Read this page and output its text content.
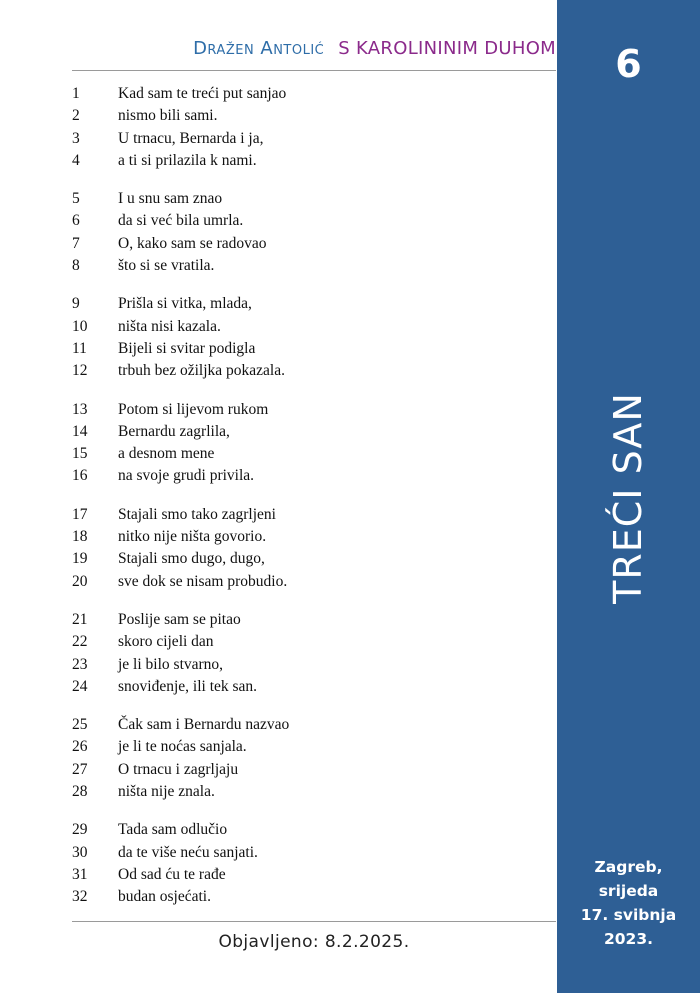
Dražen Antolić S KAROLININIM DUHOM
1	Kad sam te treći put sanjao
2	nismo bili sami.
3	U trnacu, Bernarda i ja,
4	a ti si prilazila k nami.
5	I u snu sam znao
6	da si već bila umrla.
7	O, kako sam se radovao
8	što si se vratila.
9	Prišla si vitka, mlada,
10	ništa nisi kazala.
11	Bijeli si svitar podigla
12	trbuh bez ožiljka pokazala.
13	Potom si lijevom rukom
14	Bernardu zagrlila,
15	a desnom mene
16	na svoje grudi privila.
17	Stajali smo tako zagrljeni
18	nitko nije ništa govorio.
19	Stajali smo dugo, dugo,
20	sve dok se nisam probudio.
21	Poslije sam se pitao
22	skoro cijeli dan
23	je li bilo stvarno,
24	snoviđenje, ili tek san.
25	Čak sam i Bernardu nazvao
26	je li te noćas sanjala.
27	O trnacu i zagrljaju
28	ništa nije znala.
29	Tada sam odlučio
30	da te više neću sanjati.
31	Od sad ću te rađe
32	budan osjećati.
Objavljeno: 8.2.2025.
6
TREĆI SAN
Zagreb,
srijeda
17. svibnja
2023.
